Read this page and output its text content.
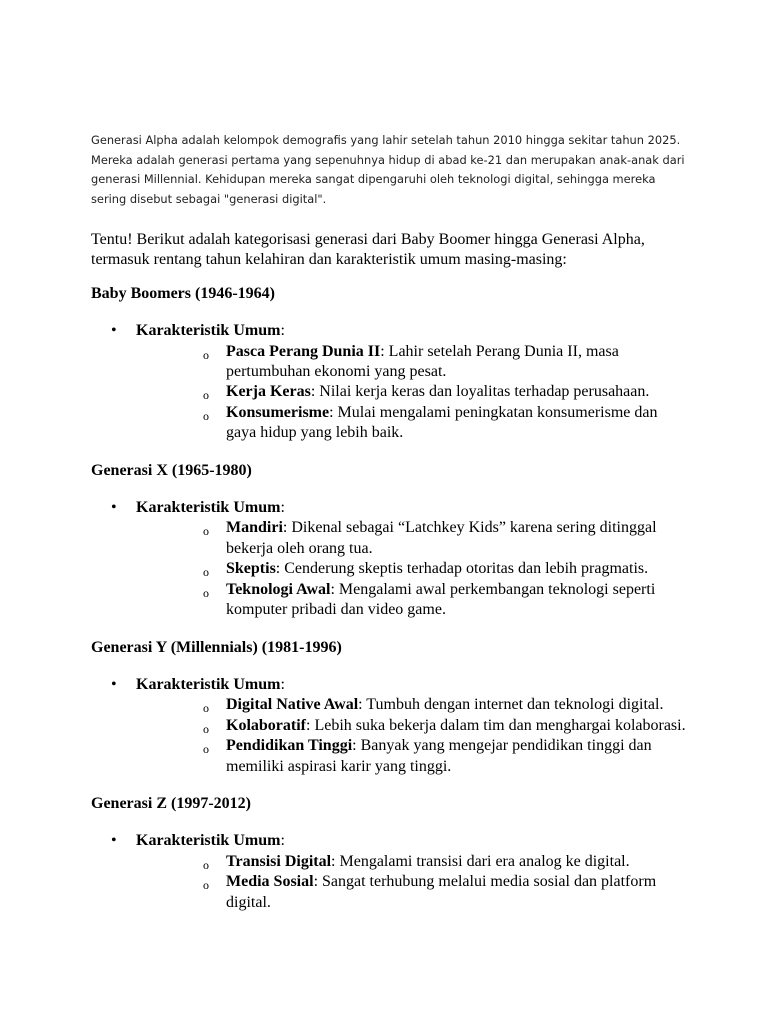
Generasi Alpha adalah kelompok demografis yang lahir setelah tahun 2010 hingga sekitar tahun 2025. Mereka adalah generasi pertama yang sepenuhnya hidup di abad ke-21 dan merupakan anak-anak dari generasi Millennial. Kehidupan mereka sangat dipengaruhi oleh teknologi digital, sehingga mereka sering disebut sebagai "generasi digital".

Tentu! Berikut adalah kategorisasi generasi dari Baby Boomer hingga Generasi Alpha, termasuk rentang tahun kelahiran dan karakteristik umum masing-masing:

Baby Boomers (1946-1964)

• Karakteristik Umum:
o Pasca Perang Dunia II: Lahir setelah Perang Dunia II, masa pertumbuhan ekonomi yang pesat.
o Kerja Keras: Nilai kerja keras dan loyalitas terhadap perusahaan.
o Konsumerisme: Mulai mengalami peningkatan konsumerisme dan gaya hidup yang lebih baik.

Generasi X (1965-1980)

• Karakteristik Umum:
o Mandiri: Dikenal sebagai “Latchkey Kids” karena sering ditinggal bekerja oleh orang tua.
o Skeptis: Cenderung skeptis terhadap otoritas dan lebih pragmatis.
o Teknologi Awal: Mengalami awal perkembangan teknologi seperti komputer pribadi dan video game.

Generasi Y (Millennials) (1981-1996)

• Karakteristik Umum:
o Digital Native Awal: Tumbuh dengan internet dan teknologi digital.
o Kolaboratif: Lebih suka bekerja dalam tim dan menghargai kolaborasi.
o Pendidikan Tinggi: Banyak yang mengejar pendidikan tinggi dan memiliki aspirasi karir yang tinggi.

Generasi Z (1997-2012)

• Karakteristik Umum:
o Transisi Digital: Mengalami transisi dari era analog ke digital.
o Media Sosial: Sangat terhubung melalui media sosial dan platform digital.
